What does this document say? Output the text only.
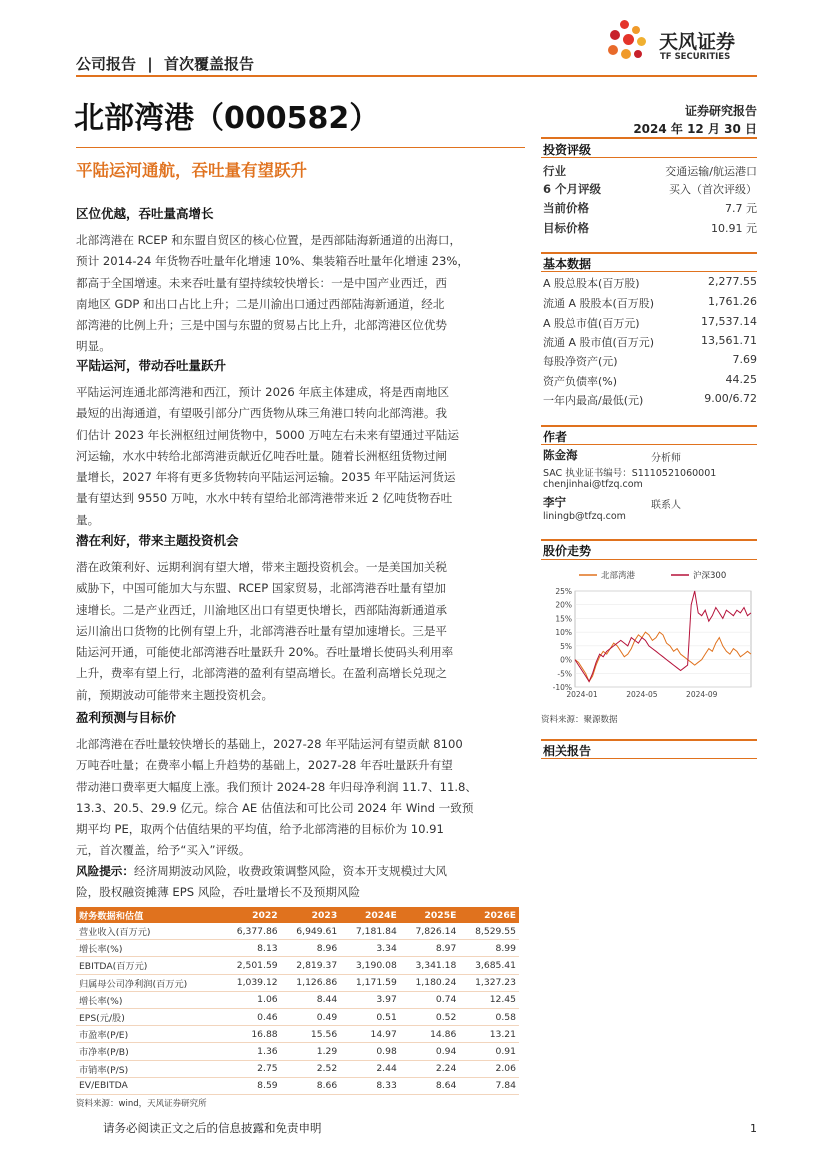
公司报告 | 首次覆盖报告
天风证券
TF SECURITIES
北部湾港（000582）	证券研究报告
2024 年 12 月 30 日
平陆运河通航，吞吐量有望跃升
区位优越，吞吐量高增长
北部湾港在 RCEP 和东盟自贸区的核心位置，是西部陆海新通道的出海口，
预计 2014-24 年货物吞吐量年化增速 10%、集装箱吞吐量年化增速 23%，
都高于全国增速。未来吞吐量有望持续较快增长：一是中国产业西迁，西
南地区 GDP 和出口占比上升；二是川渝出口通过西部陆海新通道，经北
部湾港的比例上升；三是中国与东盟的贸易占比上升，北部湾港区位优势
明显。
平陆运河，带动吞吐量跃升
平陆运河连通北部湾港和西江，预计 2026 年底主体建成，将是西南地区
最短的出海通道，有望吸引部分广西货物从珠三角港口转向北部湾港。我
们估计 2023 年长洲枢纽过闸货物中，5000 万吨左右未来有望通过平陆运
河运输，水水中转给北部湾港贡献近亿吨吞吐量。随着长洲枢纽货物过闸
量增长，2027 年将有更多货物转向平陆运河运输。2035 年平陆运河货运
量有望达到 9550 万吨，水水中转有望给北部湾港带来近 2 亿吨货物吞吐
量。
潜在利好，带来主题投资机会
潜在政策利好、远期利润有望大增，带来主题投资机会。一是美国加关税
威胁下，中国可能加大与东盟、RCEP 国家贸易，北部湾港吞吐量有望加
速增长。二是产业西迁，川渝地区出口有望更快增长，西部陆海新通道承
运川渝出口货物的比例有望上升，北部湾港吞吐量有望加速增长。三是平
陆运河开通，可能使北部湾港吞吐量跃升 20%。吞吐量增长使码头利用率
上升，费率有望上行，北部湾港的盈利有望高增长。在盈利高增长兑现之
前，预期波动可能带来主题投资机会。
盈利预测与目标价
北部湾港在吞吐量较快增长的基础上，2027-28 年平陆运河有望贡献 8100
万吨吞吐量；在费率小幅上升趋势的基础上，2027-28 年吞吐量跃升有望
带动港口费率更大幅度上涨。我们预计 2024-28 年归母净利润 11.7、11.8、
13.3、20.5、29.9 亿元。综合 AE 估值法和可比公司 2024 年 Wind 一致预
期平均 PE，取两个估值结果的平均值，给予北部湾港的目标价为 10.91
元，首次覆盖，给予“买入”评级。
风险提示：经济周期波动风险，收费政策调整风险，资本开支规模过大风
险，股权融资摊薄 EPS 风险，吞吐量增长不及预期风险
财务数据和估值	2022	2023	2024E	2025E	2026E
营业收入(百万元)	6,377.86	6,949.61	7,181.84	7,826.14	8,529.55
增长率(%)	8.13	8.96	3.34	8.97	8.99
EBITDA(百万元)	2,501.59	2,819.37	3,190.08	3,341.18	3,685.41
归属母公司净利润(百万元)	1,039.12	1,126.86	1,171.59	1,180.24	1,327.23
增长率(%)	1.06	8.44	3.97	0.74	12.45
EPS(元/股)	0.46	0.49	0.51	0.52	0.58
市盈率(P/E)	16.88	15.56	14.97	14.86	13.21
市净率(P/B)	1.36	1.29	0.98	0.94	0.91
市销率(P/S)	2.75	2.52	2.44	2.24	2.06
EV/EBITDA	8.59	8.66	8.33	8.64	7.84
资料来源：wind，天风证券研究所
投资评级
行业	交通运输/航运港口
6 个月评级	买入（首次评级）
当前价格	7.7 元
目标价格	10.91 元
基本数据
A 股总股本(百万股)	2,277.55
流通 A 股股本(百万股)	1,761.26
A 股总市值(百万元)	17,537.14
流通 A 股市值(百万元)	13,561.71
每股净资产(元)	7.69
资产负债率(%)	44.25
一年内最高/最低(元)	9.00/6.72
作者
陈金海	分析师
SAC 执业证书编号：S1110521060001
chenjinhai@tfzq.com
李宁	联系人
liningb@tfzq.com
股价走势
25%
20%
15%
10%
5%
0%
-5%
-10%
2024-01	2024-05	2024-09
北部湾港	沪深300
资料来源：聚源数据
相关报告
请务必阅读正文之后的信息披露和免责申明	1
